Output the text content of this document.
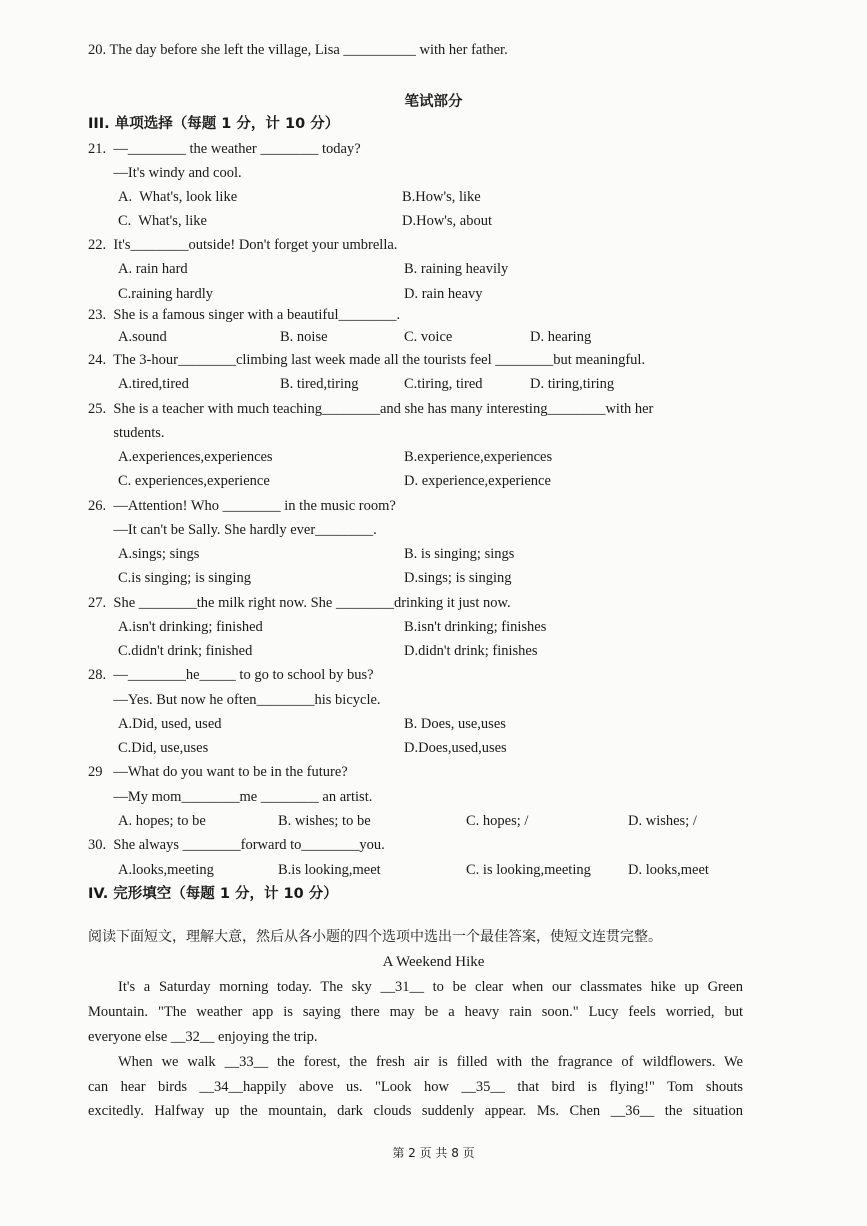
20. The day before she left the village, Lisa __________ with her father.
笔试部分
III. 单项选择（每题 1 分，计 10 分）
21.  —________ the weather ________ today?
—It's windy and cool.
A.  What's, look like	B.How's, like
C.  What's, like	D.How's, about
22.  It's________outside! Don't forget your umbrella.
A. rain hard	B. raining heavily
C.raining hardly	D. rain heavy
23.  She is a famous singer with a beautiful________.
A.sound	B. noise	C. voice	D. hearing
24.  The 3-hour________climbing last week made all the tourists feel ________but meaningful.
A.tired,tired	B. tired,tiring	C.tiring, tired	D. tiring,tiring
25.  She is a teacher with much teaching________and she has many interesting________with her
students.
A.experiences,experiences	B.experience,experiences
C. experiences,experience	D. experience,experience
26.  —Attention! Who ________ in the music room?
—It can't be Sally. She hardly ever________.
A.sings; sings	B. is singing; sings
C.is singing; is singing	D.sings; is singing
27.  She ________the milk right now. She ________drinking it just now.
A.isn't drinking; finished	B.isn't drinking; finishes
C.didn't drink; finished	D.didn't drink; finishes
28.  —________he_____ to go to school by bus?
—Yes. But now he often________his bicycle.
A.Did, used, used	B. Does, use,uses
C.Did, use,uses	D.Does,used,uses
29   —What do you want to be in the future?
—My mom________me ________ an artist.
A. hopes; to be	B. wishes; to be	C. hopes; /	D. wishes; /
30.  She always ________forward to________you.
A.looks,meeting	B.is looking,meet	C. is looking,meeting	D. looks,meet
IV. 完形填空（每题 1 分，计 10 分）
阅读下面短文，理解大意，然后从各小题的四个选项中选出一个最佳答案，使短文连贯完整。
A Weekend Hike
It's a Saturday morning today. The sky __31__ to be clear when our classmates hike up Green
Mountain. "The weather app is saying there may be a heavy rain soon." Lucy feels worried, but
everyone else __32__ enjoying the trip.
When we walk __33__ the forest, the fresh air is filled with the fragrance of wildflowers. We
can hear birds __34__happily above us. "Look how __35__ that bird is flying!" Tom shouts
excitedly. Halfway up the mountain, dark clouds suddenly appear. Ms. Chen __36__ the situation
第 2 页 共 8 页
